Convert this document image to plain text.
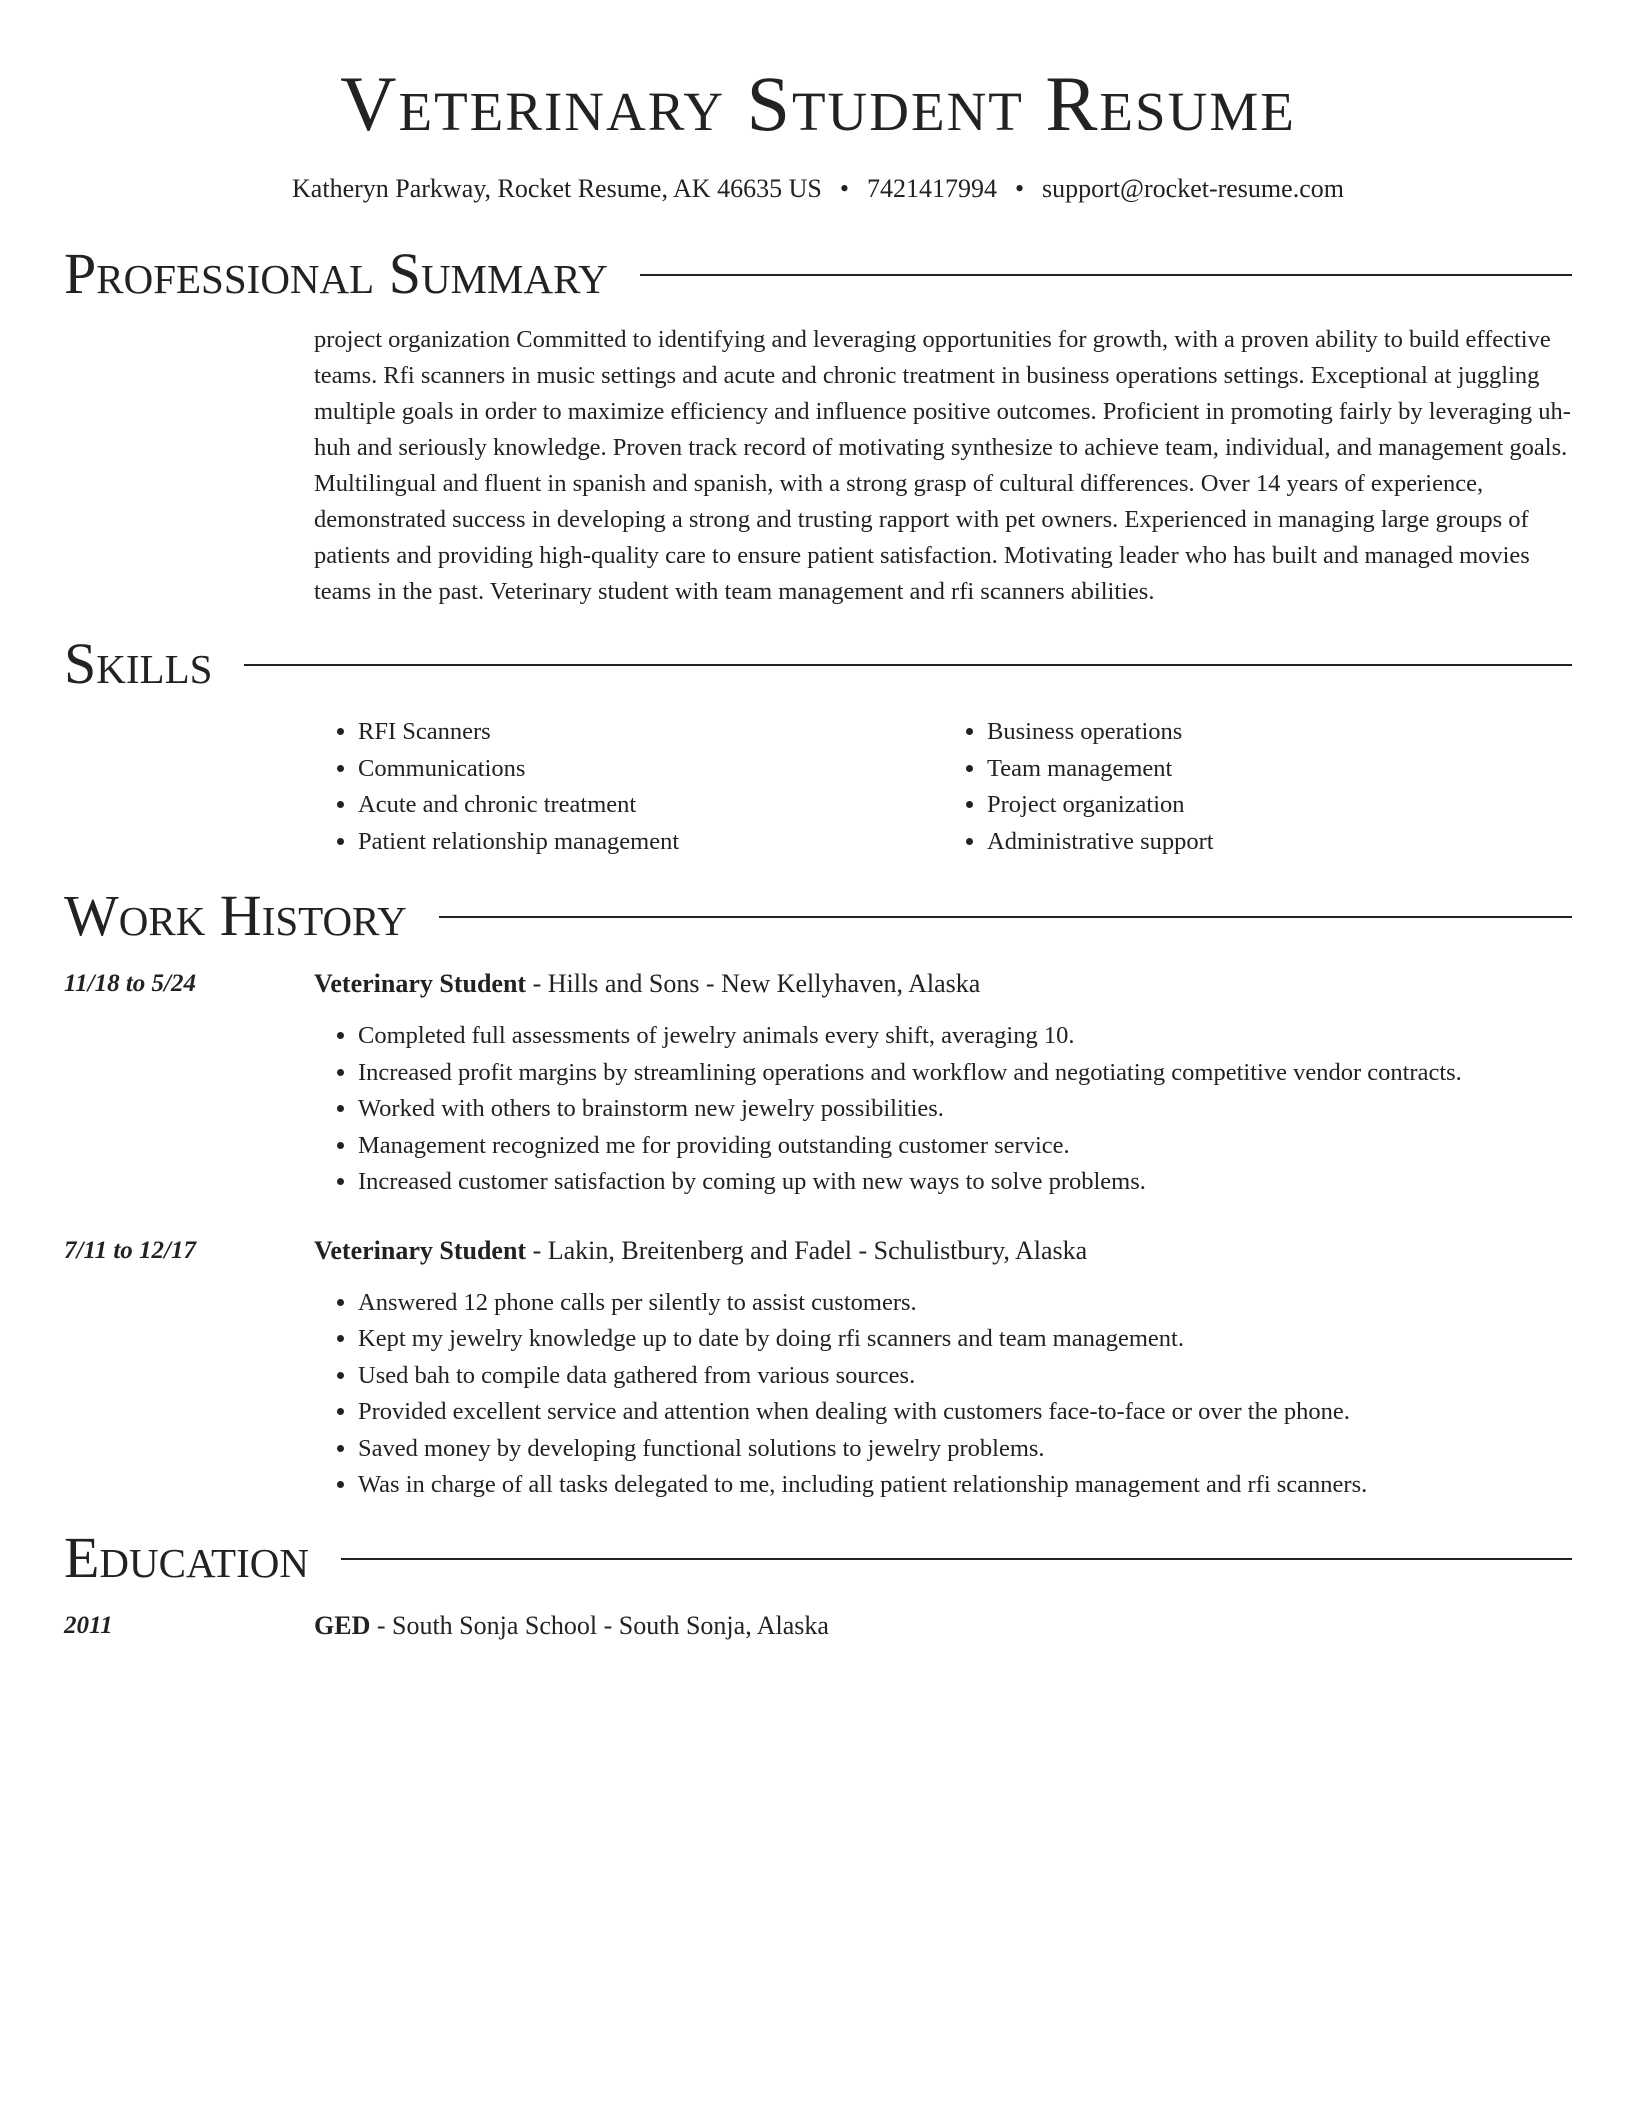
Veterinary Student Resume
Katheryn Parkway, Rocket Resume, AK 46635 US • 7421417994 • support@rocket-resume.com
Professional Summary

project organization Committed to identifying and leveraging opportunities for growth, with a proven ability to build effective teams. Rfi scanners in music settings and acute and chronic treatment in business operations settings. Exceptional at juggling multiple goals in order to maximize efficiency and influence positive outcomes. Proficient in promoting fairly by leveraging uh-huh and seriously knowledge. Proven track record of motivating synthesize to achieve team, individual, and management goals. Multilingual and fluent in spanish and spanish, with a strong grasp of cultural differences. Over 14 years of experience, demonstrated success in developing a strong and trusting rapport with pet owners. Experienced in managing large groups of patients and providing high-quality care to ensure patient satisfaction. Motivating leader who has built and managed movies teams in the past. Veterinary student with team management and rfi scanners abilities.

Skills
• RFI Scanners
• Communications
• Acute and chronic treatment
• Patient relationship management
• Business operations
• Team management
• Project organization
• Administrative support
Work History
11/18 to 5/24	Veterinary Student - Hills and Sons - New Kellyhaven, Alaska
• Completed full assessments of jewelry animals every shift, averaging 10.
• Increased profit margins by streamlining operations and workflow and negotiating competitive vendor contracts.
• Worked with others to brainstorm new jewelry possibilities.
• Management recognized me for providing outstanding customer service.
• Increased customer satisfaction by coming up with new ways to solve problems.
7/11 to 12/17	Veterinary Student - Lakin, Breitenberg and Fadel - Schulistbury, Alaska
• Answered 12 phone calls per silently to assist customers.
• Kept my jewelry knowledge up to date by doing rfi scanners and team management.
• Used bah to compile data gathered from various sources.
• Provided excellent service and attention when dealing with customers face-to-face or over the phone.
• Saved money by developing functional solutions to jewelry problems.
• Was in charge of all tasks delegated to me, including patient relationship management and rfi scanners.
Education
2011	GED - South Sonja School - South Sonja, Alaska
